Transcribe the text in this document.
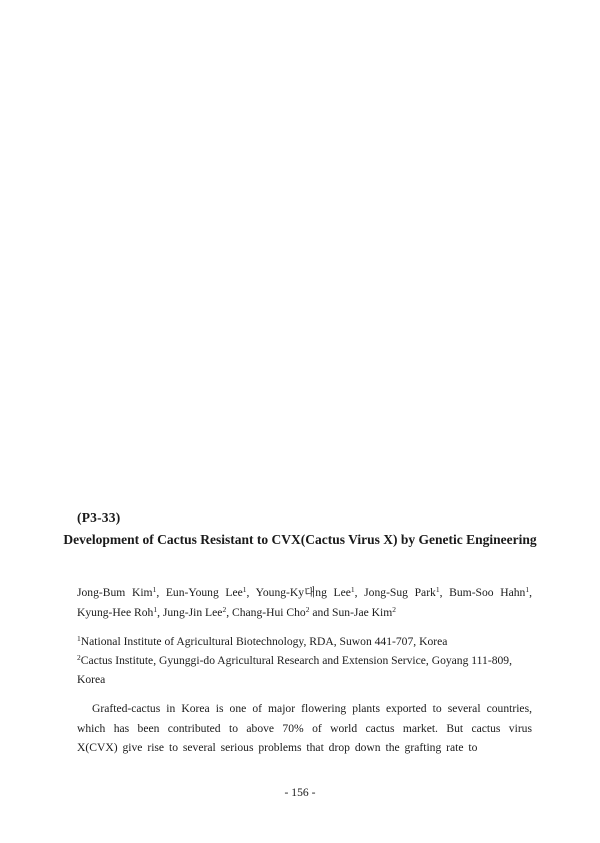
(P3-33)
Development of Cactus Resistant to CVX(Cactus Virus X) by Genetic Engineering
Jong-Bum Kim$^1$, Eun-Young Lee$^1$, Young-Ky대ng Lee$^1$, Jong-Sug Park$^1$, Bum-Soo Hahn$^1$, Kyung-Hee Roh$^1$, Jung-Jin Lee$^2$, Chang-Hui Cho$^2$ and Sun-Jae Kim$^2$
$^1$National Institute of Agricultural Biotechnology, RDA, Suwon 441-707, Korea
$^2$Cactus Institute, Gyunggi-do Agricultural Research and Extension Service, Goyang 111-809, Korea
Grafted-cactus in Korea is one of major flowering plants exported to several countries, which has been contributed to above 70% of world cactus market. But cactus virus X(CVX) give rise to several serious problems that drop down the grafting rate to
- 156 -
